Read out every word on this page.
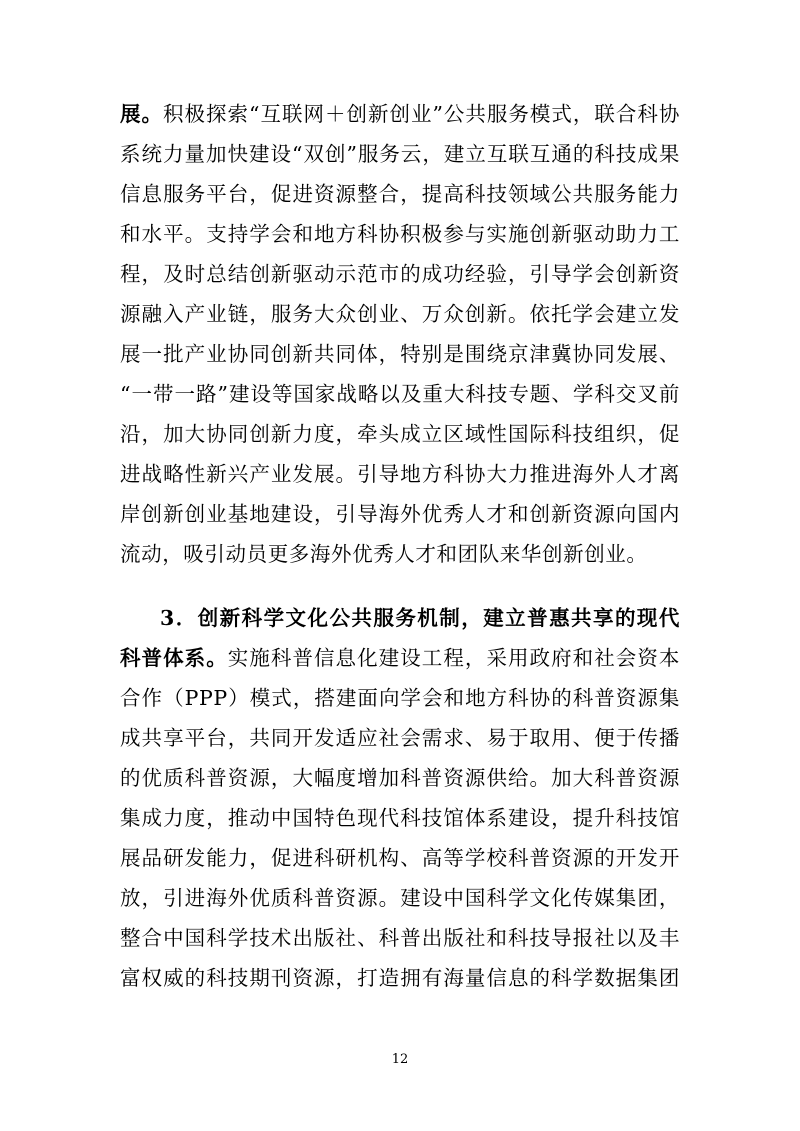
展。积极探索“互联网＋创新创业”公共服务模式，联合科协
系统力量加快建设“双创”服务云，建立互联互通的科技成果
信息服务平台，促进资源整合，提高科技领域公共服务能力
和水平。支持学会和地方科协积极参与实施创新驱动助力工
程，及时总结创新驱动示范市的成功经验，引导学会创新资
源融入产业链，服务大众创业、万众创新。依托学会建立发
展一批产业协同创新共同体，特别是围绕京津冀协同发展、
“一带一路”建设等国家战略以及重大科技专题、学科交叉前
沿，加大协同创新力度，牵头成立区域性国际科技组织，促
进战略性新兴产业发展。引导地方科协大力推进海外人才离
岸创新创业基地建设，引导海外优秀人才和创新资源向国内
流动，吸引动员更多海外优秀人才和团队来华创新创业。
3．创新科学文化公共服务机制，建立普惠共享的现代
科普体系。实施科普信息化建设工程，采用政府和社会资本
合作（PPP）模式，搭建面向学会和地方科协的科普资源集
成共享平台，共同开发适应社会需求、易于取用、便于传播
的优质科普资源，大幅度增加科普资源供给。加大科普资源
集成力度，推动中国特色现代科技馆体系建设，提升科技馆
展品研发能力，促进科研机构、高等学校科普资源的开发开
放，引进海外优质科普资源。建设中国科学文化传媒集团，
整合中国科学技术出版社、科普出版社和科技导报社以及丰
富权威的科技期刊资源，打造拥有海量信息的科学数据集团
12
